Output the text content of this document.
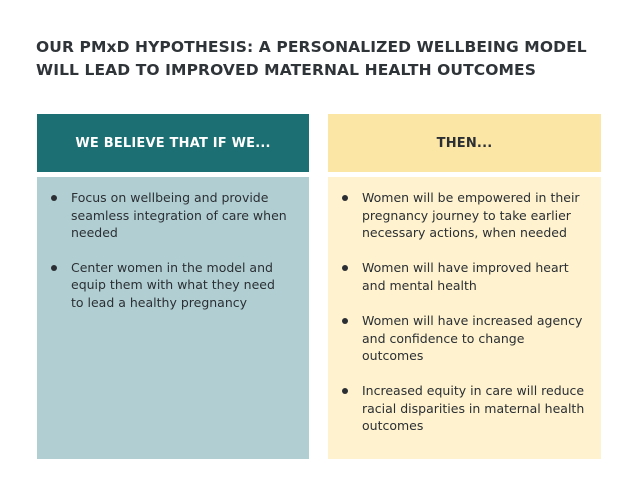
OUR PMxD HYPOTHESIS: A PERSONALIZED WELLBEING MODEL
WILL LEAD TO IMPROVED MATERNAL HEALTH OUTCOMES
WE BELIEVE THAT IF WE...	THEN...
Focus on wellbeing and provide seamless integration of care when needed
Center women in the model and equip them with what they need to lead a healthy pregnancy
Women will be empowered in their pregnancy journey to take earlier necessary actions, when needed
Women will have improved heart and mental health
Women will have increased agency and confidence to change outcomes
Increased equity in care will reduce racial disparities in maternal health outcomes
